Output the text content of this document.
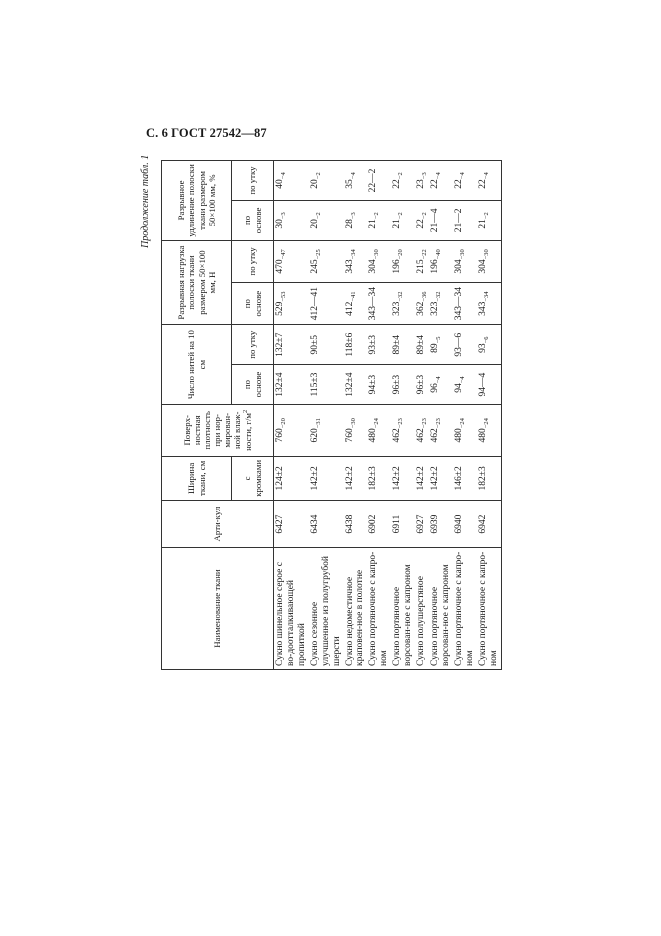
С. 6 ГОСТ 27542—87
Продолжение табл. 1
Наименование ткани	Арти-кул	Ширина ткани, см	Поверх-ностная плотность при нор-мирован-ной влаж-ности, $г/м^2$	Число нитей на 10 см		Разрывная нагрузка полоски ткани размером 50×100 мм, Н		Разрывное удлинение полоски ткани размером 50×100 мм, %	
		с кромками		по основе	по утку	по основе	по утку	по основе	по утку
Сукно шинельное серое с во-доотталкивающей пропиткой	6427	124±2	$760_{-20}$	132±4	132±7	$529_{-53}$	$470_{-47}$	$30_{-3}$	$40_{-4}$
Сукно сезонное улучшенное из полугрубой шерсти	6434	142±2	$620_{-31}$	115±3	90±5	412—41	$245_{-25}$	$20_{-2}$	$20_{-2}$
Сукно недоместичное краповен-ное в полотне	6438	142±2	$760_{-30}$	132±4	118±6	$412_{-41}$	$343_{-34}$	$28_{-3}$	$35_{-4}$
Сукно портяночное с капро-ном	6902	182±3	$480_{-24}$	94±3	93±3	343—34	$304_{-30}$	$21_{-2}$	22—2
Сукно портяночное ворсован-ное с капроном	6911	142±2	$462_{-23}$	96±3	89±4	$323_{-32}$	$196_{-20}$	$21_{-2}$	$22_{-2}$
Сукно полушерстяное	6927	142±2	$462_{-23}$	96±3	89±4	$362_{-36}$	$215_{-22}$	$22_{-2}$	$23_{-3}$
Сукно портяночное ворсован-ное с капроном	6939	142±2	$462_{-23}$	$96_{-4}$	$89_{-5}$	$323_{-32}$	$196_{-40}$	21—4	$22_{-4}$
Сукно портяночное с капро-ном	6940	146±2	$480_{-24}$	$94_{-4}$	93—6	343—34	$304_{-30}$	21—2	$22_{-4}$
Сукно портяночное с капро-ном	6942	182±3	$480_{-24}$	94—4	$93_{-6}$	$343_{-34}$	$304_{-30}$	$21_{-2}$	$22_{-4}$
